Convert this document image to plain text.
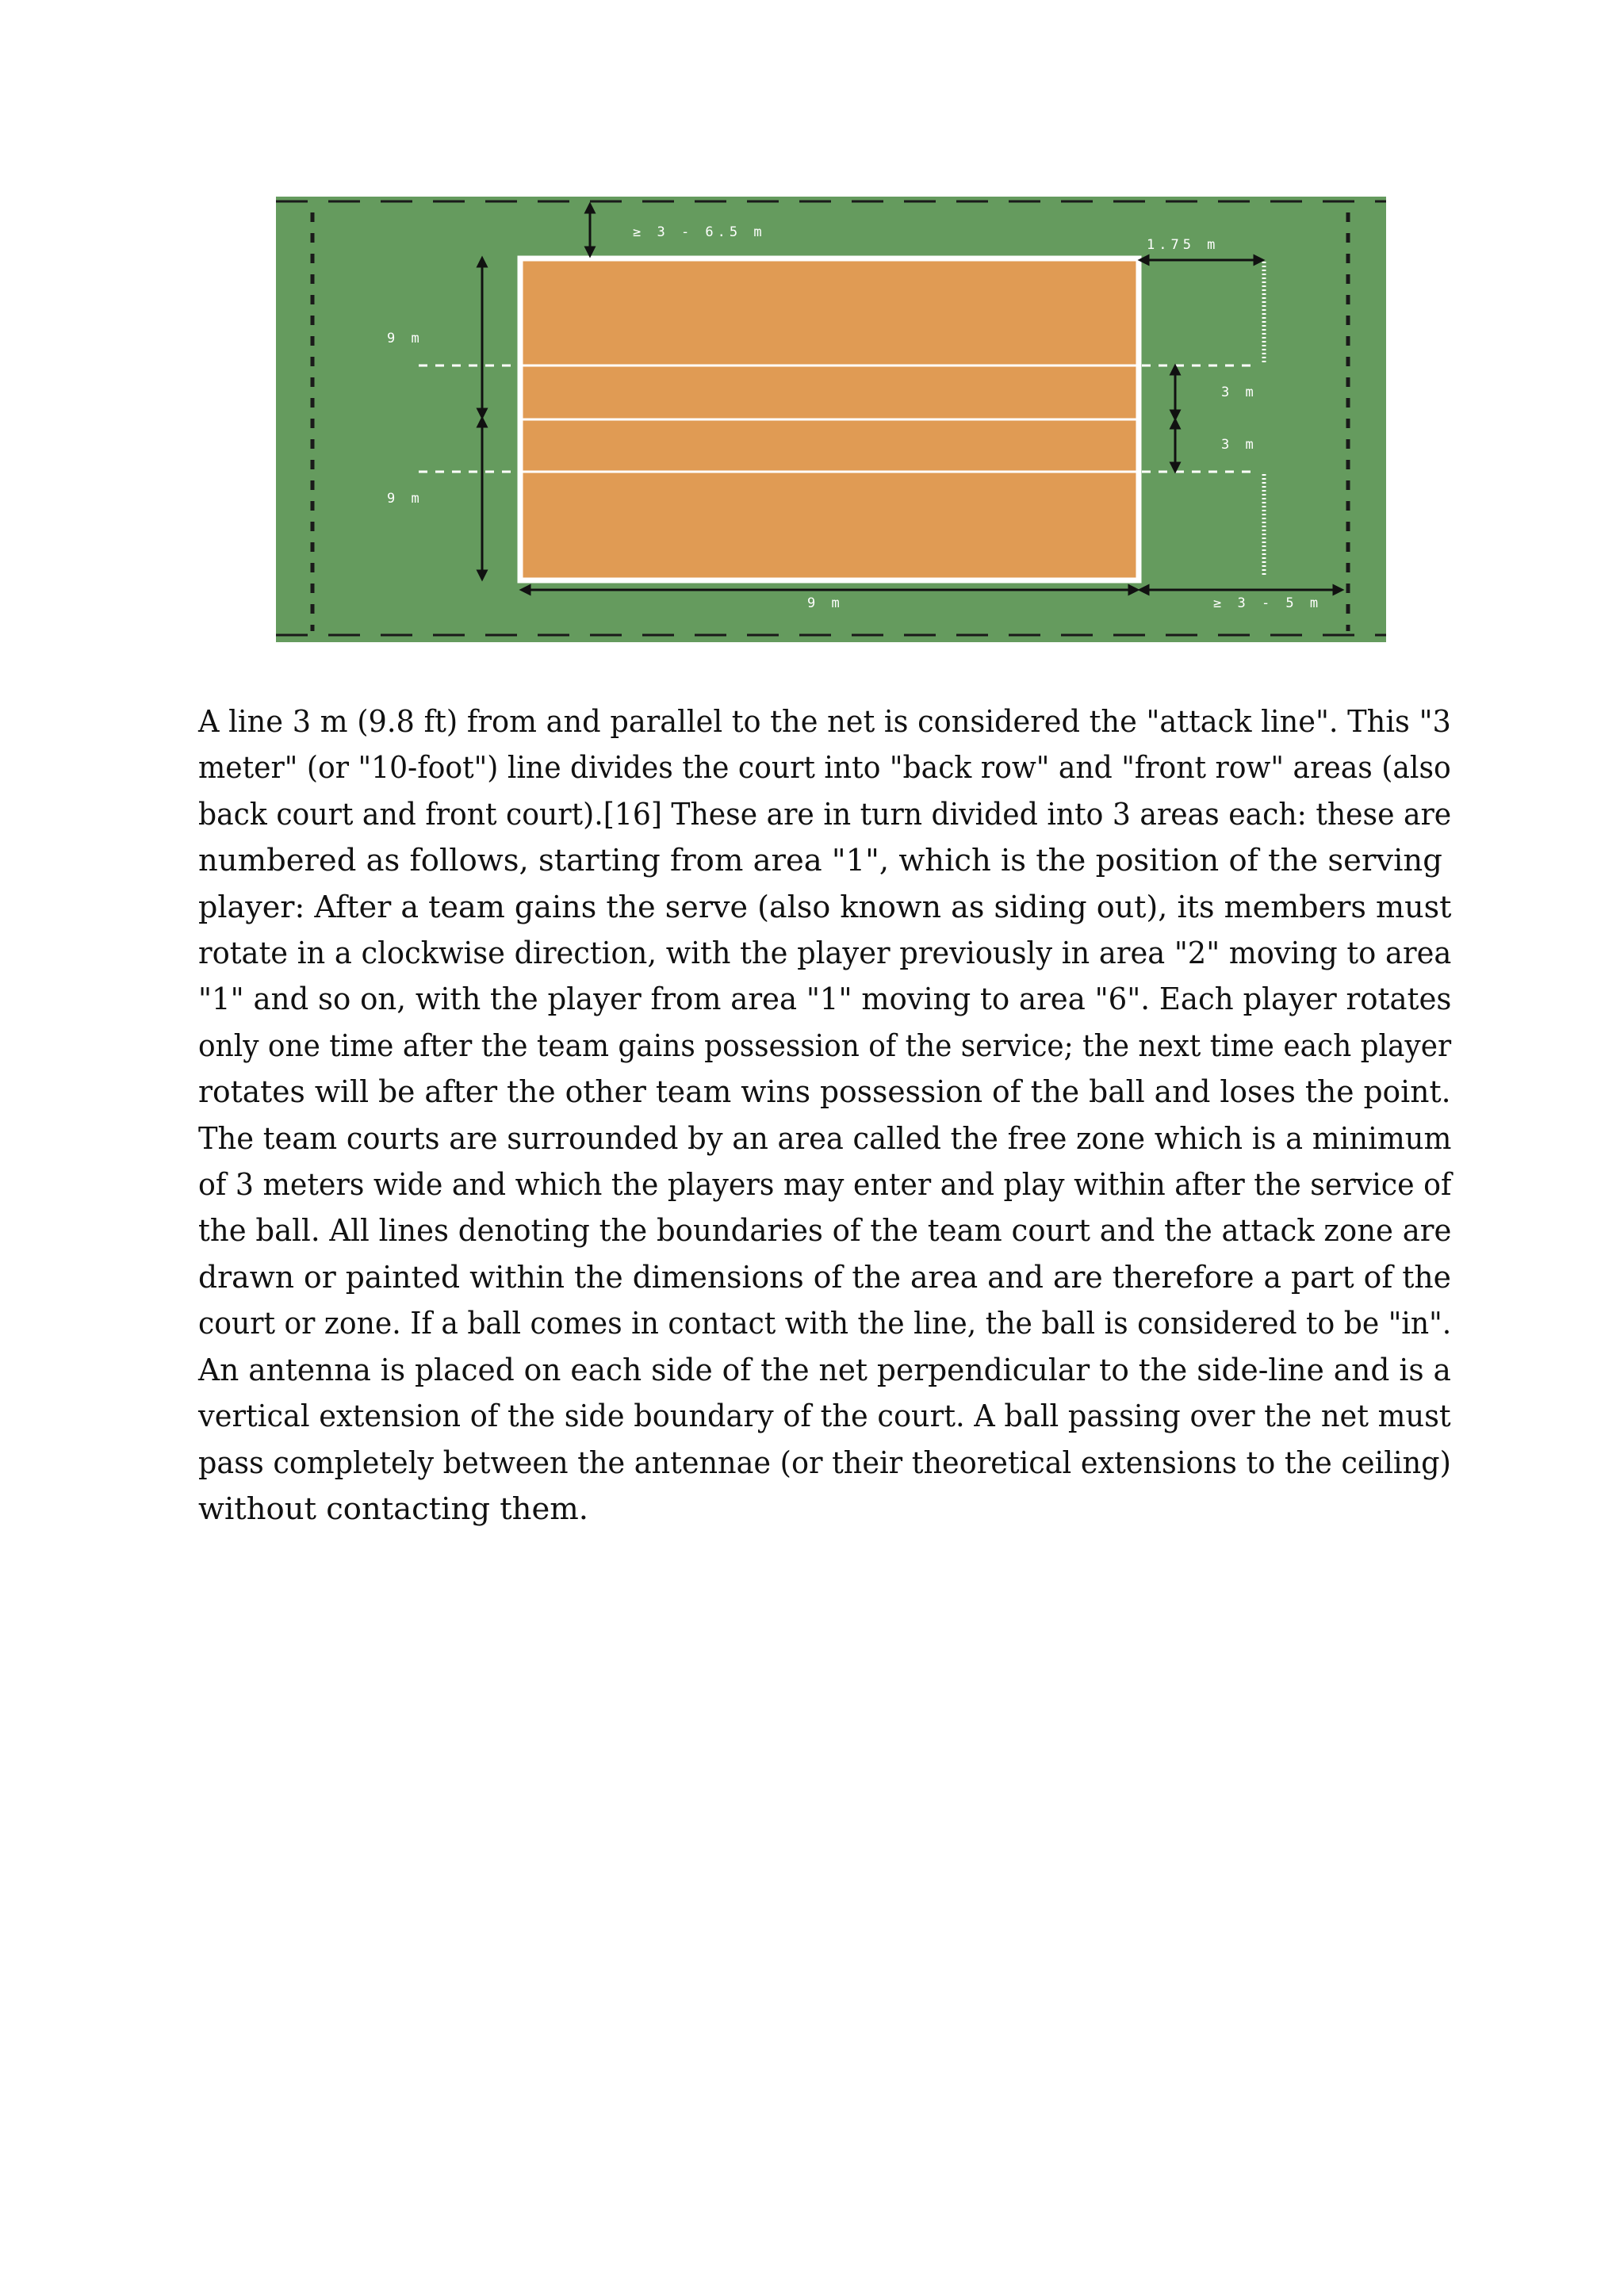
≥ 3 - 6.5 m
1.75 m
9 m
9 m
3 m
3 m
9 m	≥ 3 - 5 m

A line 3 m (9.8 ft) from and parallel to the net is considered the "attack line". This "3
meter" (or "10-foot") line divides the court into "back row" and "front row" areas (also
back court and front court).[16] These are in turn divided into 3 areas each: these are
numbered as follows, starting from area "1", which is the position of the serving
player: After a team gains the serve (also known as siding out), its members must
rotate in a clockwise direction, with the player previously in area "2" moving to area
"1" and so on, with the player from area "1" moving to area "6". Each player rotates
only one time after the team gains possession of the service; the next time each player
rotates will be after the other team wins possession of the ball and loses the point.
The team courts are surrounded by an area called the free zone which is a minimum
of 3 meters wide and which the players may enter and play within after the service of
the ball. All lines denoting the boundaries of the team court and the attack zone are
drawn or painted within the dimensions of the area and are therefore a part of the
court or zone. If a ball comes in contact with the line, the ball is considered to be "in".
An antenna is placed on each side of the net perpendicular to the side-line and is a
vertical extension of the side boundary of the court. A ball passing over the net must
pass completely between the antennae (or their theoretical extensions to the ceiling)
without contacting them.
